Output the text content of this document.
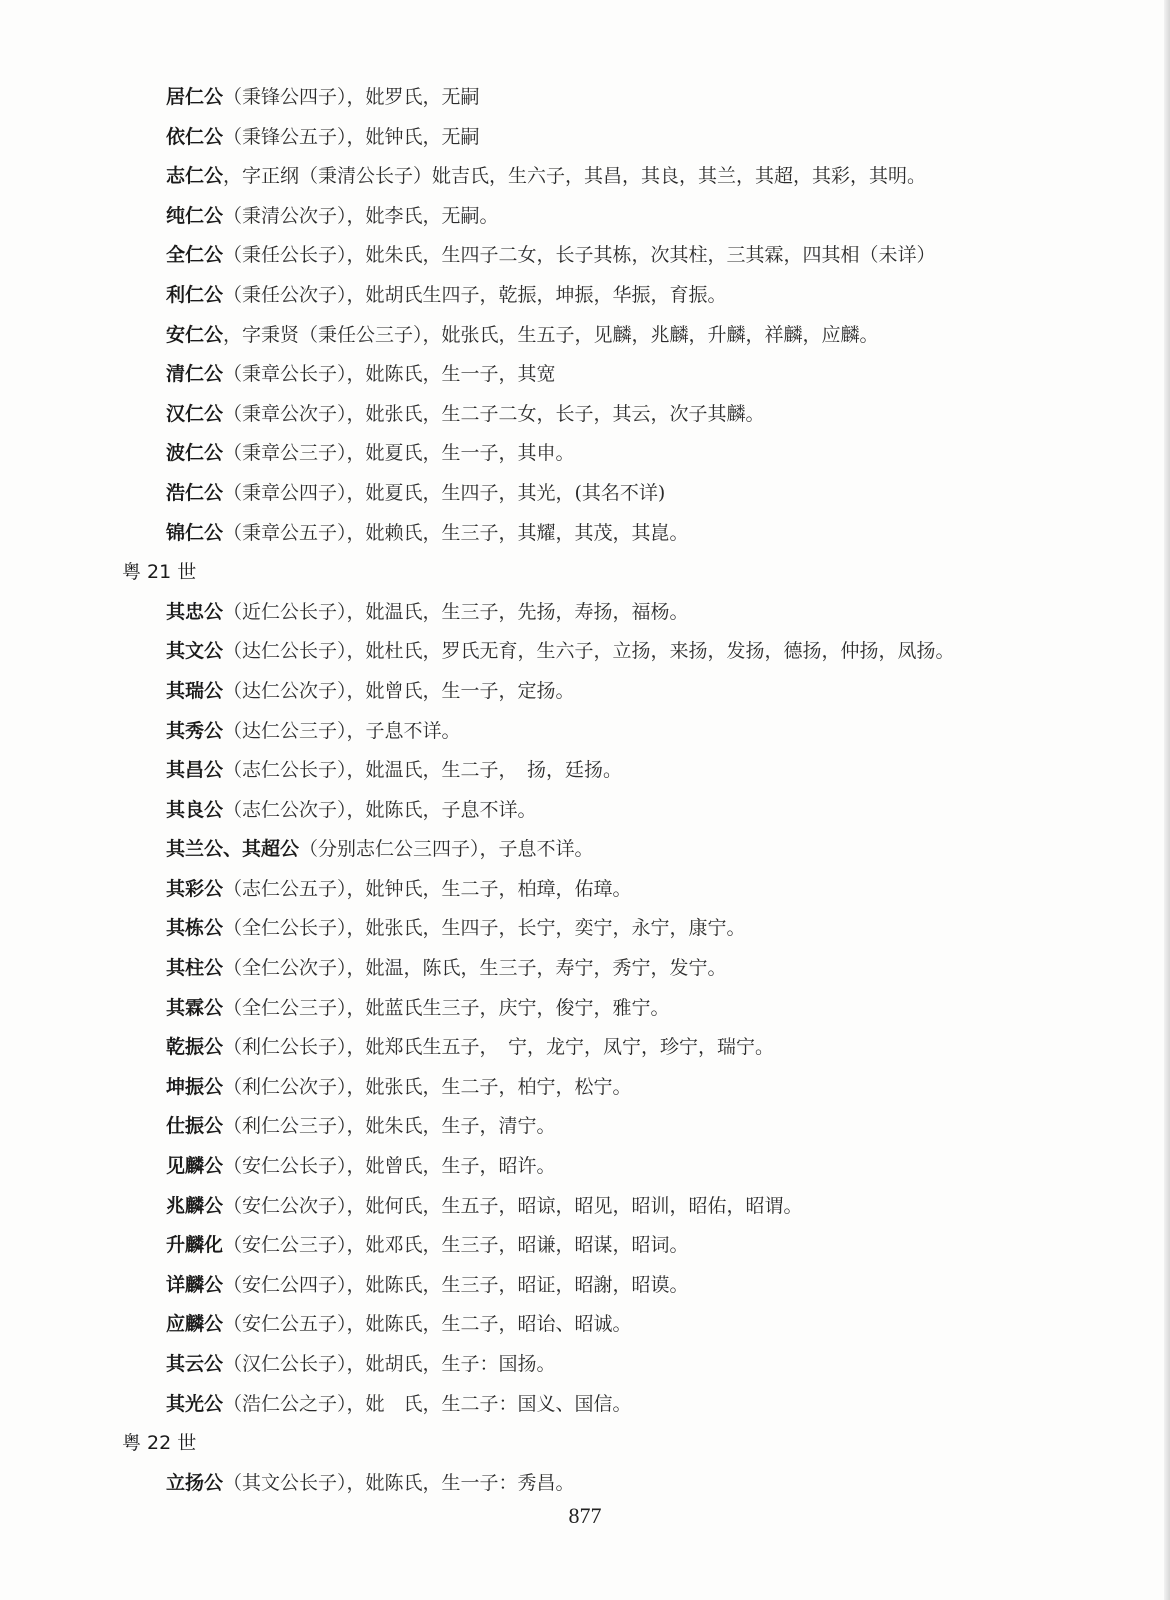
居仁公（秉锋公四子），妣罗氏，无嗣
依仁公（秉锋公五子），妣钟氏，无嗣
志仁公，字正纲（秉清公长子）妣吉氏，生六子，其昌，其良，其兰，其超，其彩，其明。
纯仁公（秉清公次子），妣李氏，无嗣。
全仁公（秉任公长子），妣朱氏，生四子二女，长子其栋，次其柱，三其霖，四其相（未详）
利仁公（秉任公次子），妣胡氏生四子，乾振，坤振，华振，育振。
安仁公，字秉贤（秉任公三子），妣张氏，生五子，见麟，兆麟，升麟，祥麟，应麟。
清仁公（秉章公长子），妣陈氏，生一子，其宽
汉仁公（秉章公次子），妣张氏，生二子二女，长子，其云，次子其麟。
波仁公（秉章公三子），妣夏氏，生一子，其申。
浩仁公（秉章公四子），妣夏氏，生四子，其光，(其名不详)
锦仁公（秉章公五子），妣赖氏，生三子，其耀，其茂，其崑。
粤 21 世
其忠公（近仁公长子），妣温氏，生三子，先扬，寿扬，福杨。
其文公（达仁公长子），妣杜氏，罗氏无育，生六子，立扬，来扬，发扬，德扬，仲扬，凤扬。
其瑞公（达仁公次子），妣曾氏，生一子，定扬。
其秀公（达仁公三子），子息不详。
其昌公（志仁公长子），妣温氏，生二子，　扬，廷扬。
其良公（志仁公次子），妣陈氏，子息不详。
其兰公、其超公（分别志仁公三四子），子息不详。
其彩公（志仁公五子），妣钟氏，生二子，柏璋，佑璋。
其栋公（全仁公长子），妣张氏，生四子，长宁，奕宁，永宁，康宁。
其柱公（全仁公次子），妣温，陈氏，生三子，寿宁，秀宁，发宁。
其霖公（全仁公三子），妣蓝氏生三子，庆宁，俊宁，雅宁。
乾振公（利仁公长子），妣郑氏生五子，　宁，龙宁，凤宁，珍宁，瑞宁。
坤振公（利仁公次子），妣张氏，生二子，柏宁，松宁。
仕振公（利仁公三子），妣朱氏，生子，清宁。
见麟公（安仁公长子），妣曾氏，生子，昭许。
兆麟公（安仁公次子），妣何氏，生五子，昭谅，昭见，昭训，昭佑，昭谓。
升麟化（安仁公三子），妣邓氏，生三子，昭谦，昭谋，昭词。
详麟公（安仁公四子），妣陈氏，生三子，昭证，昭謝，昭谟。
应麟公（安仁公五子），妣陈氏，生二子，昭诒、昭诚。
其云公（汉仁公长子），妣胡氏，生子：国扬。
其光公（浩仁公之子），妣　氏，生二子：国义、国信。
粤 22 世
立扬公（其文公长子），妣陈氏，生一子：秀昌。
877
